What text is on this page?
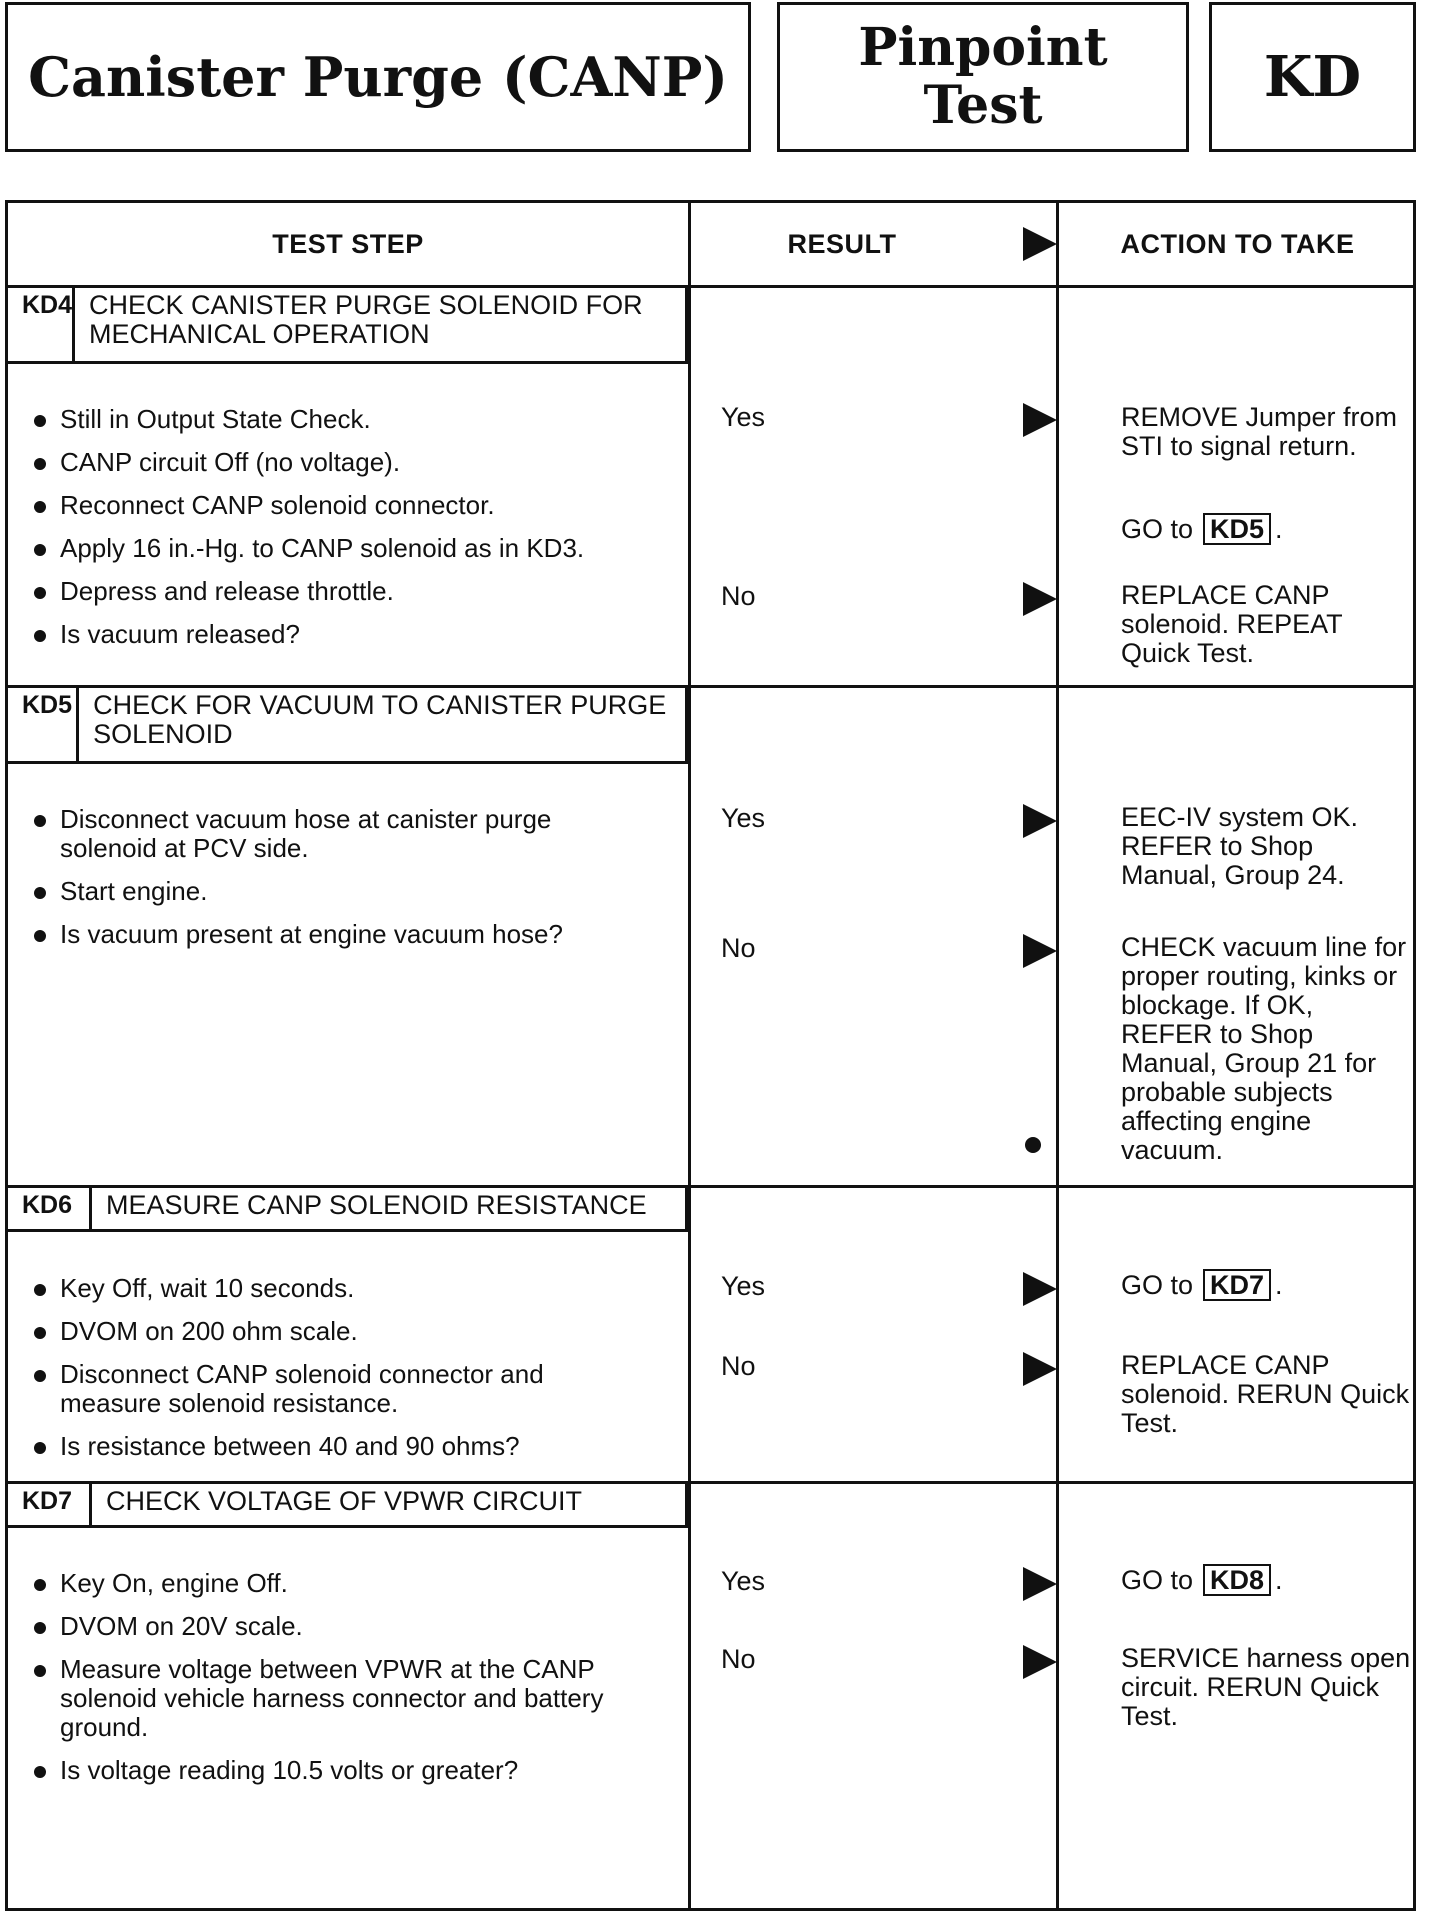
Canister Purge (CANP)	Pinpoint
Test	KD
TEST STEP	RESULT	ACTION TO TAKE
KD4 CHECK CANISTER PURGE SOLENOID FOR MECHANICAL OPERATION
Still in Output State Check.
CANP circuit Off (no voltage).
Reconnect CANP solenoid connector.
Apply 16 in.-Hg. to CANP solenoid as in KD3.
Depress and release throttle.
Is vacuum released?
Yes	REMOVE Jumper from STI to signal return.
GO to KD5 .
No	REPLACE CANP solenoid. REPEAT Quick Test.
KD5 CHECK FOR VACUUM TO CANISTER PURGE SOLENOID
Disconnect vacuum hose at canister purge solenoid at PCV side.
Start engine.
Is vacuum present at engine vacuum hose?
Yes	EEC-IV system OK. REFER to Shop Manual, Group 24.
No	CHECK vacuum line for proper routing, kinks or blockage. If OK, REFER to Shop Manual, Group 21 for probable subjects affecting engine vacuum.
KD6	MEASURE CANP SOLENOID RESISTANCE
Key Off, wait 10 seconds.
DVOM on 200 ohm scale.
Disconnect CANP solenoid connector and measure solenoid resistance.
Is resistance between 40 and 90 ohms?
Yes	GO to KD7 .
No	REPLACE CANP solenoid. RERUN Quick Test.
KD7	CHECK VOLTAGE OF VPWR CIRCUIT
Key On, engine Off.
DVOM on 20V scale.
Measure voltage between VPWR at the CANP solenoid vehicle harness connector and battery ground.
Is voltage reading 10.5 volts or greater?
Yes	GO to KD8 .
No	SERVICE harness open circuit. RERUN Quick Test.
